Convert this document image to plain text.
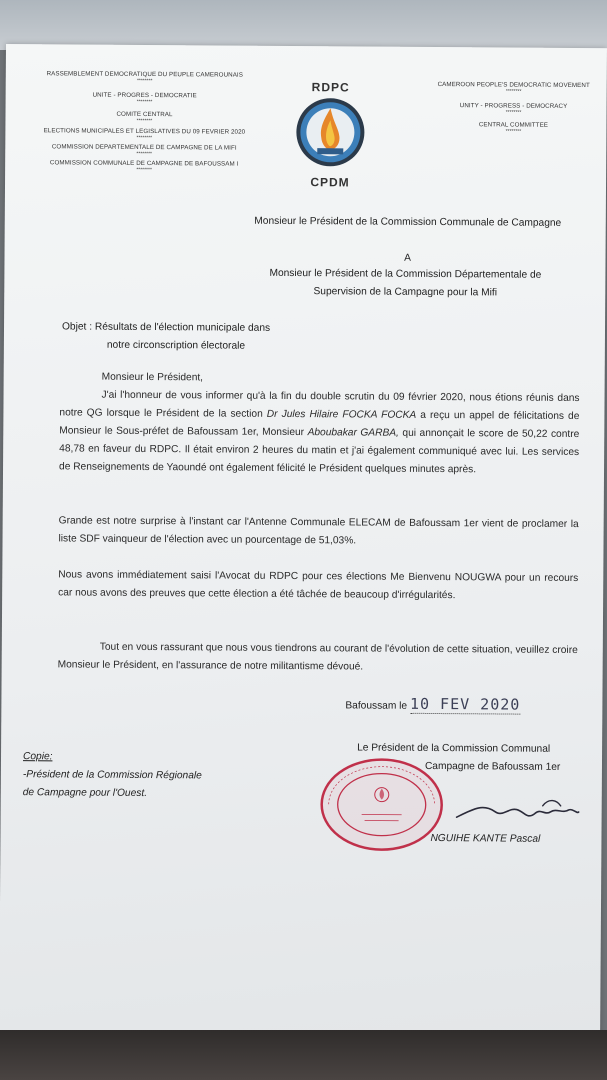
RASSEMBLEMENT DEMOCRATIQUE DU PEUPLE CAMEROUNAIS
********
UNITE - PROGRES - DEMOCRATIE
********
COMITE CENTRAL
********
ELECTIONS MUNICIPALES ET LEGISLATIVES DU 09 FEVRIER 2020
********
COMMISSION DEPARTEMENTALE DE CAMPAGNE DE LA MIFI
********
COMMISSION COMMUNALE DE CAMPAGNE DE BAFOUSSAM I
********
RDPC
CPDM
CAMEROON PEOPLE'S DEMOCRATIC MOVEMENT
********
UNITY - PROGRESS - DEMOCRACY
********
CENTRAL COMMITTEE
********
Monsieur le Président de la Commission Communale de Campagne
A
Monsieur le Président de la Commission Départementale de
Supervision de la Campagne pour la Mifi
Objet : Résultats de l'élection municipale dans
notre circonscription électorale
Monsieur le Président,
J'ai l'honneur de vous informer qu'à la fin du double scrutin du 09 février 2020, nous étions réunis dans notre QG lorsque le Président de la section Dr Jules Hilaire FOCKA FOCKA a reçu un appel de félicitations de Monsieur le Sous-préfet de Bafoussam 1er, Monsieur Aboubakar GARBA, qui annonçait le score de 50,22 contre 48,78 en faveur du RDPC. Il était environ 2 heures du matin et j'ai également communiqué avec lui. Les services de Renseignements de Yaoundé ont également félicité le Président quelques minutes après.
Grande est notre surprise à l'instant car l'Antenne Communale ELECAM de Bafoussam 1er vient de proclamer la liste SDF vainqueur de l'élection avec un pourcentage de 51,03%.
Nous avons immédiatement saisi l'Avocat du RDPC pour ces élections Me Bienvenu NOUGWA pour un recours car nous avons des preuves que cette élection a été tâchée de beaucoup d'irrégularités.
Tout en vous rassurant que nous vous tiendrons au courant de l'évolution de cette situation, veuillez croire Monsieur le Président, en l'assurance de notre militantisme dévoué.
Bafoussam le 10 FEV 2020
Copie:
-Président de la Commission Régionale
de Campagne pour l'Ouest.
Le Président de la Commission Communal
Campagne de Bafoussam 1er
NGUIHE KANTE Pascal
